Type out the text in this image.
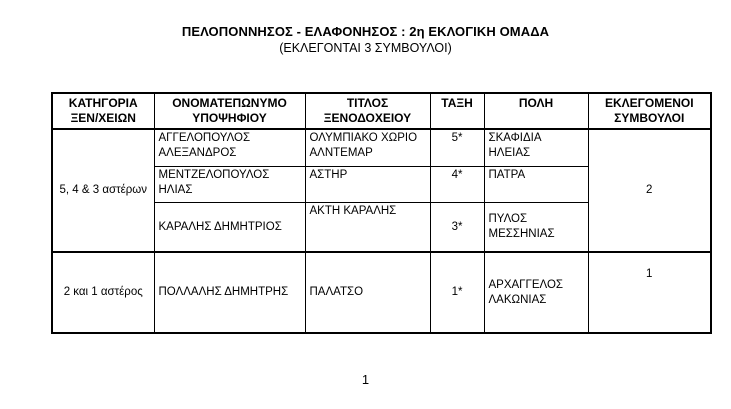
ΠΕΛΟΠΟΝΝΗΣΟΣ - ΕΛΑΦΟΝΗΣΟΣ : 2η ΕΚΛΟΓΙΚΗ ΟΜΑΔΑ
(ΕΚΛΕΓΟΝΤΑΙ 3 ΣΥΜΒΟΥΛΟΙ)
ΚΑΤΗΓΟΡΙΑ ΞΕΝ/ΧΕΙΩΝ	ΟΝΟΜΑΤΕΠΩΝΥΜΟ ΥΠΟΨΗΦΙΟΥ	ΤΙΤΛΟΣ ΞΕΝΟΔΟΧΕΙΟΥ	ΤΑΞΗ	ΠΟΛΗ	ΕΚΛΕΓΟΜΕΝΟΙ ΣΥΜΒΟΥΛΟΙ
5, 4 & 3 αστέρων	ΑΓΓΕΛΟΠΟΥΛΟΣ ΑΛΕΞΑΝΔΡΟΣ	ΟΛΥΜΠΙΑΚΟ ΧΩΡΙΟ ΑΛΝΤΕΜΑΡ	5*	ΣΚΑΦΙΔΙΑ ΗΛΕΙΑΣ	2
	ΜΕΝΤΖΕΛΟΠΟΥΛΟΣ ΗΛΙΑΣ	ΑΣΤΗΡ	4*	ΠΑΤΡΑ	
	ΚΑΡΑΛΗΣ ΔΗΜΗΤΡΙΟΣ	ΑΚΤΗ ΚΑΡΑΛΗΣ	3*	ΠΥΛΟΣ ΜΕΣΣΗΝΙΑΣ	
2 και 1 αστέρος	ΠΟΛΛΑΛΗΣ ΔΗΜΗΤΡΗΣ	ΠΑΛΑΤΣΟ	1*	ΑΡΧΑΓΓΕΛΟΣ ΛΑΚΩΝΙΑΣ	1
1
